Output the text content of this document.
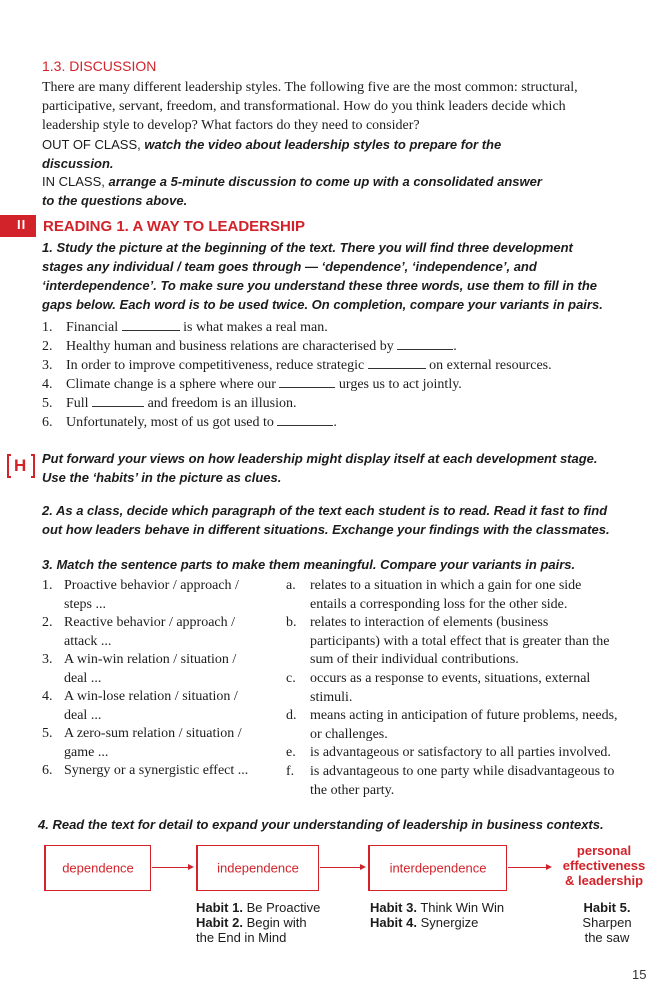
1.3. DISCUSSION
There are many different leadership styles. The following five are the most common: structural,
participative, servant, freedom, and transformational. How do you think leaders decide which
leadership style to develop? What factors do they need to consider?
OUT OF CLASS, watch the video about leadership styles to prepare for the
discussion.
IN CLASS, arrange a 5-minute discussion to come up with a consolidated answer
to the questions above.
II READING 1. A WAY TO LEADERSHIP
1. Study the picture at the beginning of the text. There you will find three development
stages any individual / team goes through — ‘dependence’, ‘independence’, and
‘interdependence’. To make sure you understand these three words, use them to fill in the
gaps below. Each word is to be used twice. On completion, compare your variants in pairs.
1. Financial	is what makes a real man.
2. Healthy human and business relations are characterised by	.
3. In order to improve competitiveness, reduce strategic	on external resources.
4. Climate change is a sphere where our	urges us to act jointly.
5. Full	and freedom is an illusion.
6. Unfortunately, most of us got used to	.
H Put forward your views on how leadership might display itself at each development stage.
Use the ‘habits’ in the picture as clues.
2. As a class, decide which paragraph of the text each student is to read. Read it fast to find
out how leaders behave in different situations. Exchange your findings with the classmates.
3. Match the sentence parts to make them meaningful. Compare your variants in pairs.
1. Proactive behavior / approach /
steps ...
2. Reactive behavior / approach /
attack ...
3. A win-win relation / situation /
deal ...
4. A win-lose relation / situation /
deal ...
5. A zero-sum relation / situation /
game ...
6. Synergy or a synergistic effect ...
a. relates to a situation in which a gain for one side
entails a corresponding loss for the other side.
b. relates to interaction of elements (business
participants) with a total effect that is greater than the
sum of their individual contributions.
c. occurs as a response to events, situations, external
stimuli.
d. means acting in anticipation of future problems, needs,
or challenges.
e. is advantageous or satisfactory to all parties involved.
f. is advantageous to one party while disadvantageous to
the other party.
4. Read the text for detail to expand your understanding of leadership in business contexts.
dependence	independence	interdependence
personal
effectiveness
& leadership
Habit 1. Be Proactive
Habit 2. Begin with
the End in Mind
Habit 3. Think Win Win
Habit 4. Synergize
Habit 5.
Sharpen
the saw
15
